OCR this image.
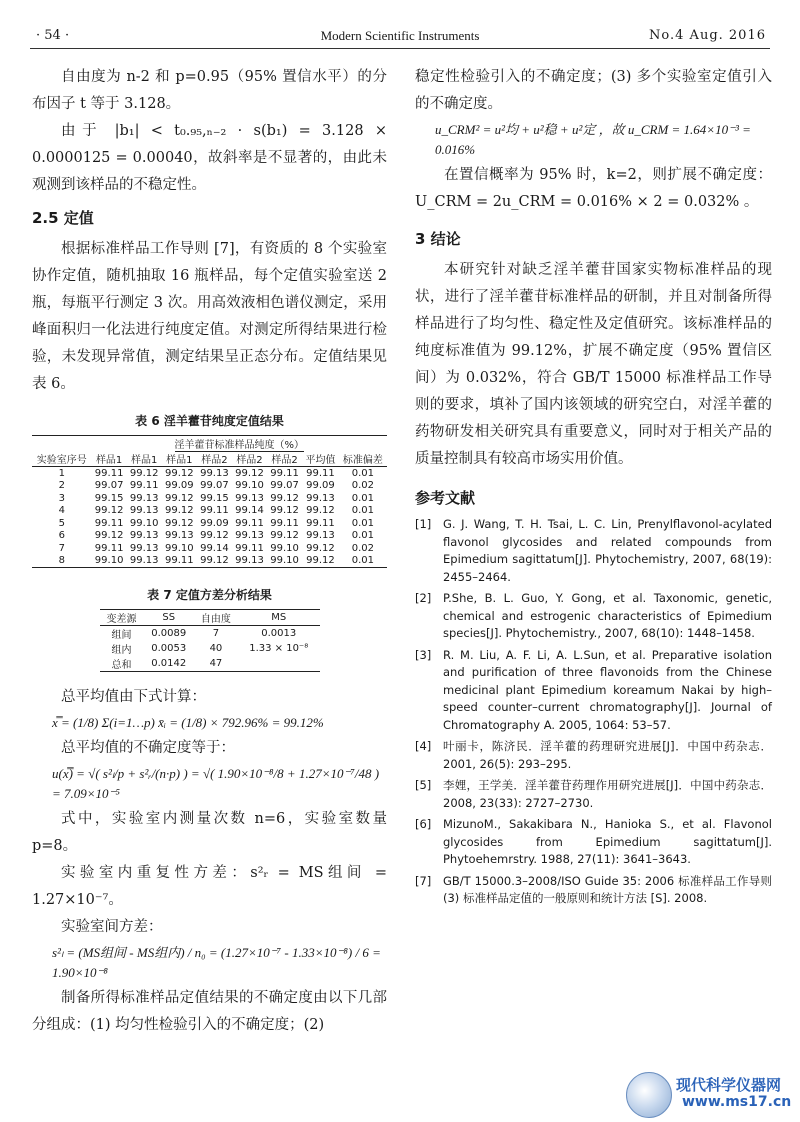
· 54 ·	Modern Scientific Instruments	No.4 Aug. 2016

自由度为 n-2 和 p=0.95（95% 置信水平）的分布因子 t 等于 3.128。

由于 |b₁| < t₀.₉₅,ₙ₋₂ · s(b₁) = 3.128 × 0.0000125 = 0.00040，故斜率是不显著的，由此未观测到该样品的不稳定性。

2.5 定值

根据标准样品工作导则 [7]，有资质的 8 个实验室协作定值，随机抽取 16 瓶样品，每个定值实验室送 2 瓶，每瓶平行测定 3 次。用高效液相色谱仪测定，采用峰面积归一化法进行纯度定值。对测定所得结果进行检验，未发现异常值，测定结果呈正态分布。定值结果见表 6。

表 6 淫羊藿苷纯度定值结果
	淫羊藿苷标准样品纯度（%）							
实验室序号	样品1	样品1	样品1	样品2	样品2	样品2	平均值	标准偏差
1	99.11	99.12	99.12	99.13	99.12	99.11	99.11	0.01
2	99.07	99.11	99.09	99.07	99.10	99.07	99.09	0.02
3	99.15	99.13	99.12	99.15	99.13	99.12	99.13	0.01
4	99.12	99.13	99.12	99.11	99.14	99.12	99.12	0.01
5	99.11	99.10	99.12	99.09	99.11	99.11	99.11	0.01
6	99.12	99.13	99.13	99.12	99.13	99.12	99.13	0.01
7	99.11	99.13	99.10	99.14	99.11	99.10	99.12	0.02
8	99.10	99.13	99.11	99.12	99.13	99.10	99.12	0.01
表 7 定值方差分析结果
变差源	SS	自由度	MS
组间	0.0089	7	0.0013
组内	0.0053	40	1.33 × 10⁻⁸
总和	0.0142	47	

总平均值由下式计算：

x̿ = (1/8) Σ(i=1…p) x̄ᵢ = (1/8) × 792.96% = 99.12%

总平均值的不确定度等于：

u(x̿) = √( s²ₗ/p + s²ᵣ/(n·p) ) = √( 1.90×10⁻⁸/8 + 1.27×10⁻⁷/48 ) = 7.09×10⁻⁵

式中，实验室内测量次数 n=6，实验室数量 p=8。

实验室内重复性方差：s²ᵣ = MS组间 = 1.27×10⁻⁷。

实验室间方差：

s²ₗ = (MS组间 - MS组内) / n₀ = (1.27×10⁻⁷ - 1.33×10⁻⁸) / 6 = 1.90×10⁻⁸

制备所得标准样品定值结果的不确定度由以下几部分组成：(1) 均匀性检验引入的不确定度；(2)

稳定性检验引入的不确定度；(3) 多个实验室定值引入的不确定度。

u_CRM² = u²均 + u²稳 + u²定 ，故 u_CRM = 1.64×10⁻³ = 0.016%

在置信概率为 95% 时，k=2，则扩展不确定度：U_CRM = 2u_CRM = 0.016% × 2 = 0.032% 。

3 结论

本研究针对缺乏淫羊藿苷国家实物标准样品的现状，进行了淫羊藿苷标准样品的研制，并且对制备所得样品进行了均匀性、稳定性及定值研究。该标准样品的纯度标准值为 99.12%，扩展不确定度（95% 置信区间）为 0.032%，符合 GB/T 15000 标准样品工作导则的要求，填补了国内该领域的研究空白，对淫羊藿的药物研发相关研究具有重要意义，同时对于相关产品的质量控制具有较高市场实用价值。

参考文献
[1]	G. J. Wang, T. H. Tsai, L. C. Lin, Prenylflavonol-acylated flavonol glycosides and related compounds from Epimedium sagittatum[J]. Phytochemistry, 2007, 68(19): 2455–2464.
[2]	P.She, B. L. Guo, Y. Gong, et al. Taxonomic, genetic, chemical and estrogenic characteristics of Epimedium species[J]. Phytochemistry., 2007, 68(10): 1448–1458.
[3]	R. M. Liu, A. F. Li, A. L.Sun, et al. Preparative isolation and purification of three flavonoids from the Chinese medicinal plant Epimedium koreamum Nakai by high–speed counter–current chromatography[J]. Journal of Chromatography A. 2005, 1064: 53–57.
[4]	叶丽卡，陈济民．淫羊藿的药理研究进展[J]．中国中药杂志．2001, 26(5): 293–295.
[5]	李娌，王学美．淫羊藿苷药理作用研究进展[J]．中国中药杂志．2008, 23(33): 2727–2730.
[6]	MizunoM., Sakakibara N., Hanioka S., et al. Flavonol glycosides from Epimedium sagittatum[J]. Phytoehemrstry. 1988, 27(11): 3641–3643.
[7]	GB/T 15000.3–2008/ISO Guide 35: 2006 标准样品工作导则 (3) 标准样品定值的一般原则和统计方法 [S]. 2008.
现代科学仪器网
www.ms17.cn
